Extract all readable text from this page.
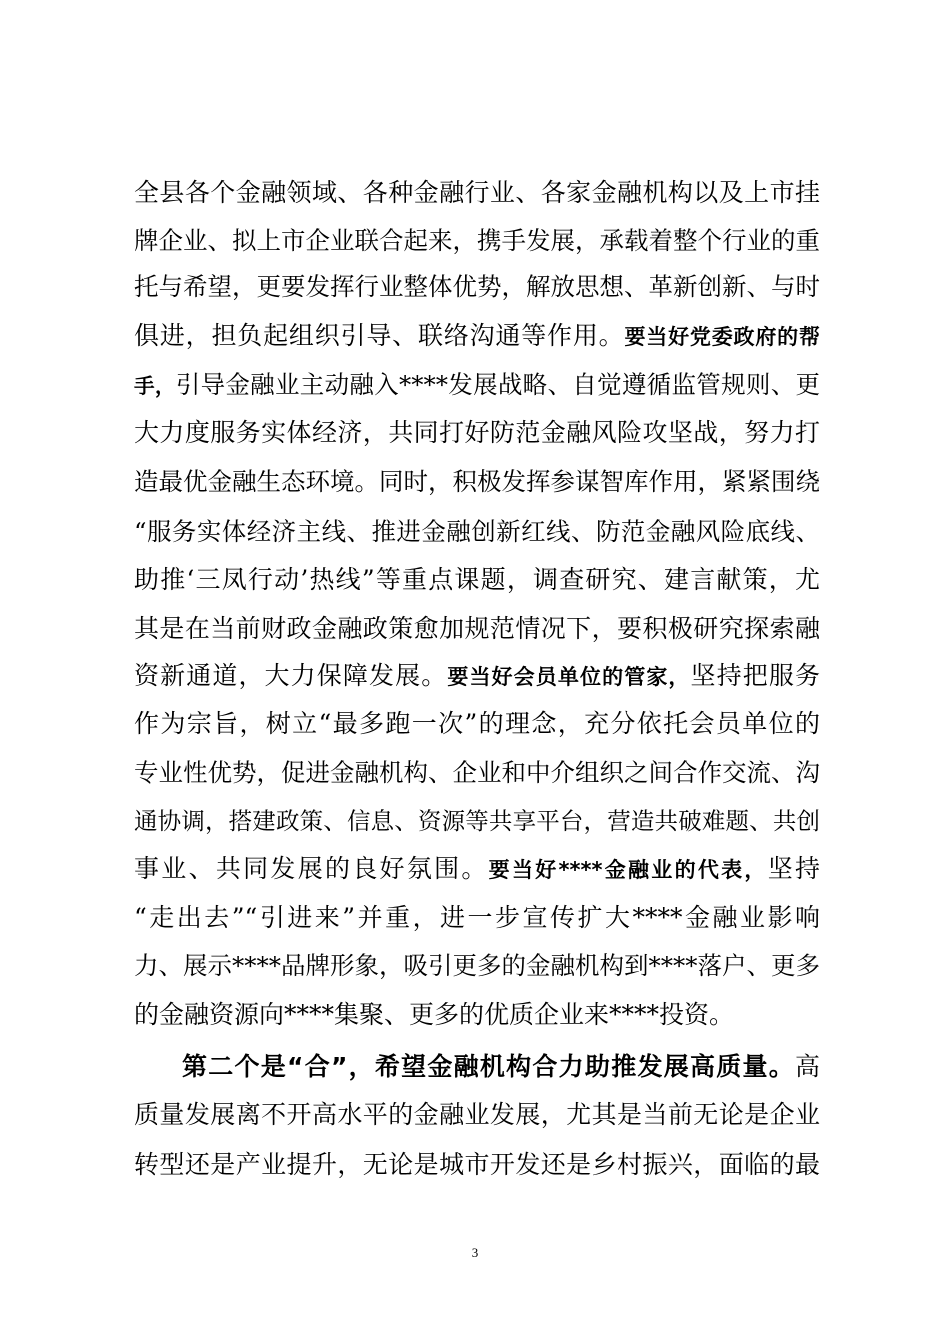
全县各个金融领域、各种金融行业、各家金融机构以及上市挂
牌企业、拟上市企业联合起来，携手发展，承载着整个行业的重
托与希望，更要发挥行业整体优势，解放思想、革新创新、与时
俱进，担负起组织引导、联络沟通等作用。要当好党委政府的帮
手，引导金融业主动融入****发展战略、自觉遵循监管规则、更
大力度服务实体经济，共同打好防范金融风险攻坚战，努力打
造最优金融生态环境。同时，积极发挥参谋智库作用，紧紧围绕
“服务实体经济主线、推进金融创新红线、防范金融风险底线、
助推‘三凤行动’热线”等重点课题，调查研究、建言献策，尤
其是在当前财政金融政策愈加规范情况下，要积极研究探索融
资新通道，大力保障发展。要当好会员单位的管家，坚持把服务
作为宗旨，树立“最多跑一次”的理念，充分依托会员单位的
专业性优势，促进金融机构、企业和中介组织之间合作交流、沟
通协调，搭建政策、信息、资源等共享平台，营造共破难题、共创
事业、共同发展的良好氛围。要当好****金融业的代表，坚持
“走出去”“引进来”并重，进一步宣传扩大****金融业影响
力、展示****品牌形象，吸引更多的金融机构到****落户、更多
的金融资源向****集聚、更多的优质企业来****投资。
第二个是“合”，希望金融机构合力助推发展高质量。高
质量发展离不开高水平的金融业发展，尤其是当前无论是企业
转型还是产业提升，无论是城市开发还是乡村振兴，面临的最
3
